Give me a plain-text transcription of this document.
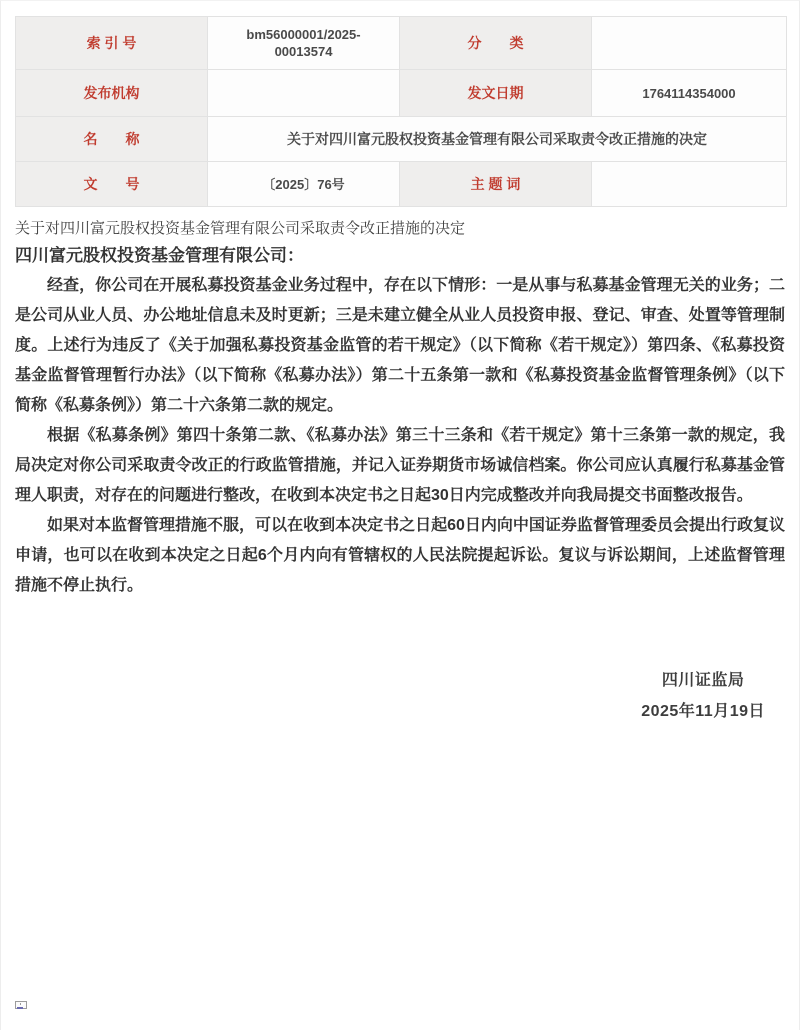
索 引 号	bm56000001/2025-00013574	分　　类	
发布机构		发文日期	1764114354000
名　　称	关于对四川富元股权投资基金管理有限公司采取责令改正措施的决定		
文　　号	〔2025〕76号	主 题 词	

关于对四川富元股权投资基金管理有限公司采取责令改正措施的决定

四川富元股权投资基金管理有限公司：

经查，你公司在开展私募投资基金业务过程中，存在以下情形：一是从事与私募基金管理无关的业务；二是公司从业人员、办公地址信息未及时更新；三是未建立健全从业人员投资申报、登记、审查、处置等管理制度。上述行为违反了《关于加强私募投资基金监管的若干规定》（以下简称《若干规定》）第四条、《私募投资基金监督管理暂行办法》（以下简称《私募办法》）第二十五条第一款和《私募投资基金监督管理条例》（以下简称《私募条例》）第二十六条第二款的规定。

根据《私募条例》第四十条第二款、《私募办法》第三十三条和《若干规定》第十三条第一款的规定，我局决定对你公司采取责令改正的行政监管措施，并记入证券期货市场诚信档案。你公司应认真履行私募基金管理人职责，对存在的问题进行整改，在收到本决定书之日起30日内完成整改并向我局提交书面整改报告。

如果对本监督管理措施不服，可以在收到本决定书之日起60日内向中国证券监督管理委员会提出行政复议申请，也可以在收到本决定之日起6个月内向有管辖权的人民法院提起诉讼。复议与诉讼期间，上述监督管理措施不停止执行。

四川证监局
2025年11月19日
